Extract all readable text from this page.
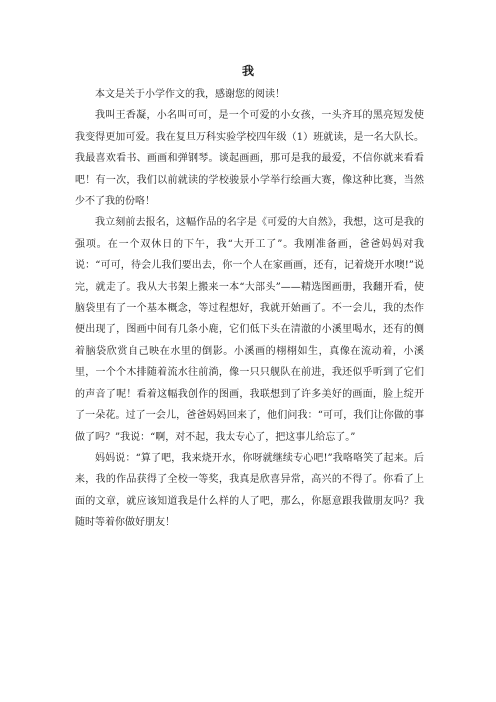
我

本文是关于小学作文的我，感谢您的阅读！

我叫王香凝，小名叫可可，是一个可爱的小女孩，一头齐耳的黑亮短发使我变得更加可爱。我在复旦万科实验学校四年级（1）班就读，是一名大队长。我最喜欢看书、画画和弹钢琴。谈起画画，那可是我的最爱，不信你就来看看吧！有一次，我们以前就读的学校骏景小学举行绘画大赛，像这种比赛，当然少不了我的份咯！

我立刻前去报名，这幅作品的名字是《可爱的大自然》，我想，这可是我的强项。在一个双休日的下午，我“大开工了”。我刚准备画，爸爸妈妈对我说：“可可，待会儿我们要出去，你一个人在家画画，还有，记着烧开水噢!”说完，就走了。我从大书架上搬来一本“大部头”——精选图画册，我翻开看，使脑袋里有了一个基本概念，等过程想好，我就开始画了。不一会儿，我的杰作便出现了，图画中间有几条小鹿，它们低下头在清澈的小溪里喝水，还有的侧着脑袋欣赏自己映在水里的倒影。小溪画的栩栩如生，真像在流动着，小溪里，一个个木排随着流水往前淌，像一只只舰队在前进，我还似乎听到了它们的声音了呢！看着这幅我创作的图画，我联想到了许多美好的画面，脸上绽开了一朵花。过了一会儿，爸爸妈妈回来了，他们问我：“可可，我们让你做的事做了吗？”我说：“啊，对不起，我太专心了，把这事儿给忘了。”

妈妈说：“算了吧，我来烧开水，你呀就继续专心吧!”我咯咯笑了起来。后来，我的作品获得了全校一等奖，我真是欣喜异常，高兴的不得了。你看了上面的文章，就应该知道我是什么样的人了吧，那么，你愿意跟我做朋友吗？我随时等着你做好朋友！
